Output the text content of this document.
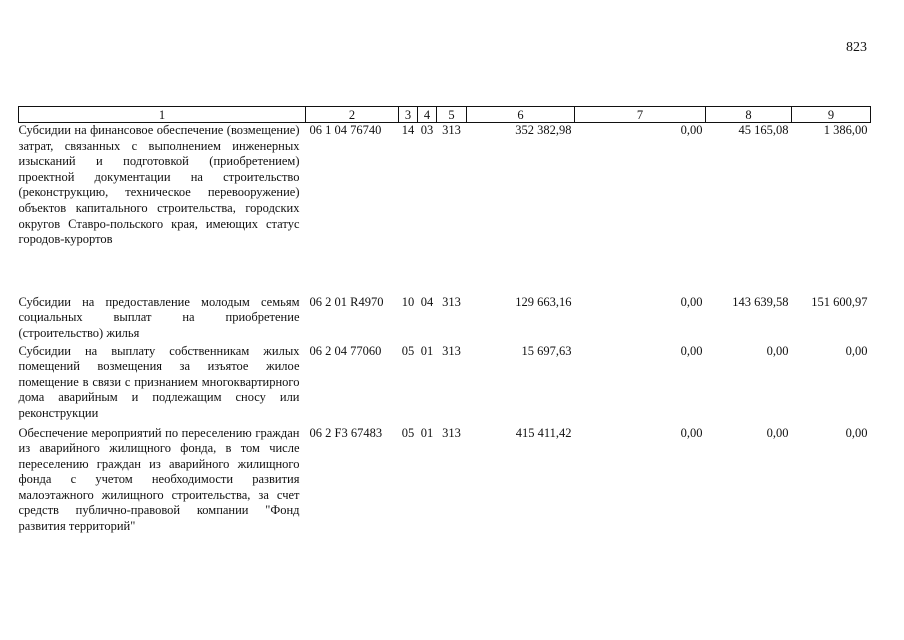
823
1	2	3	4	5	6	7	8	9
Субсидии на финансовое обеспечение (возмещение) затрат, связанных с выполнением инженерных изысканий и подготовкой (приобретением) проектной документации на строительство (реконструкцию, техническое перевооружение) объектов капитального строительства, городских округов Ставро-польского края, имеющих статус городов-курортов	06 1 04 76740	14	03	313	352 382,98	0,00	45 165,08	1 386,00
Субсидии на предоставление молодым семьям социальных выплат на приобретение (строительство) жилья	06 2 01 R4970	10	04	313	129 663,16	0,00	143 639,58	151 600,97
Субсидии на выплату собственникам жилых помещений возмещения за изъятое жилое помещение в связи с признанием многоквартирного дома аварийным и подлежащим сносу или реконструкции	06 2 04 77060	05	01	313	15 697,63	0,00	0,00	0,00
Обеспечение мероприятий по переселению граждан из аварийного жилищного фонда, в том числе переселению граждан из аварийного жилищного фонда с учетом необходимости развития малоэтажного жилищного строительства, за счет средств публично-правовой компании "Фонд развития территорий"	06 2 F3 67483	05	01	313	415 411,42	0,00	0,00	0,00
